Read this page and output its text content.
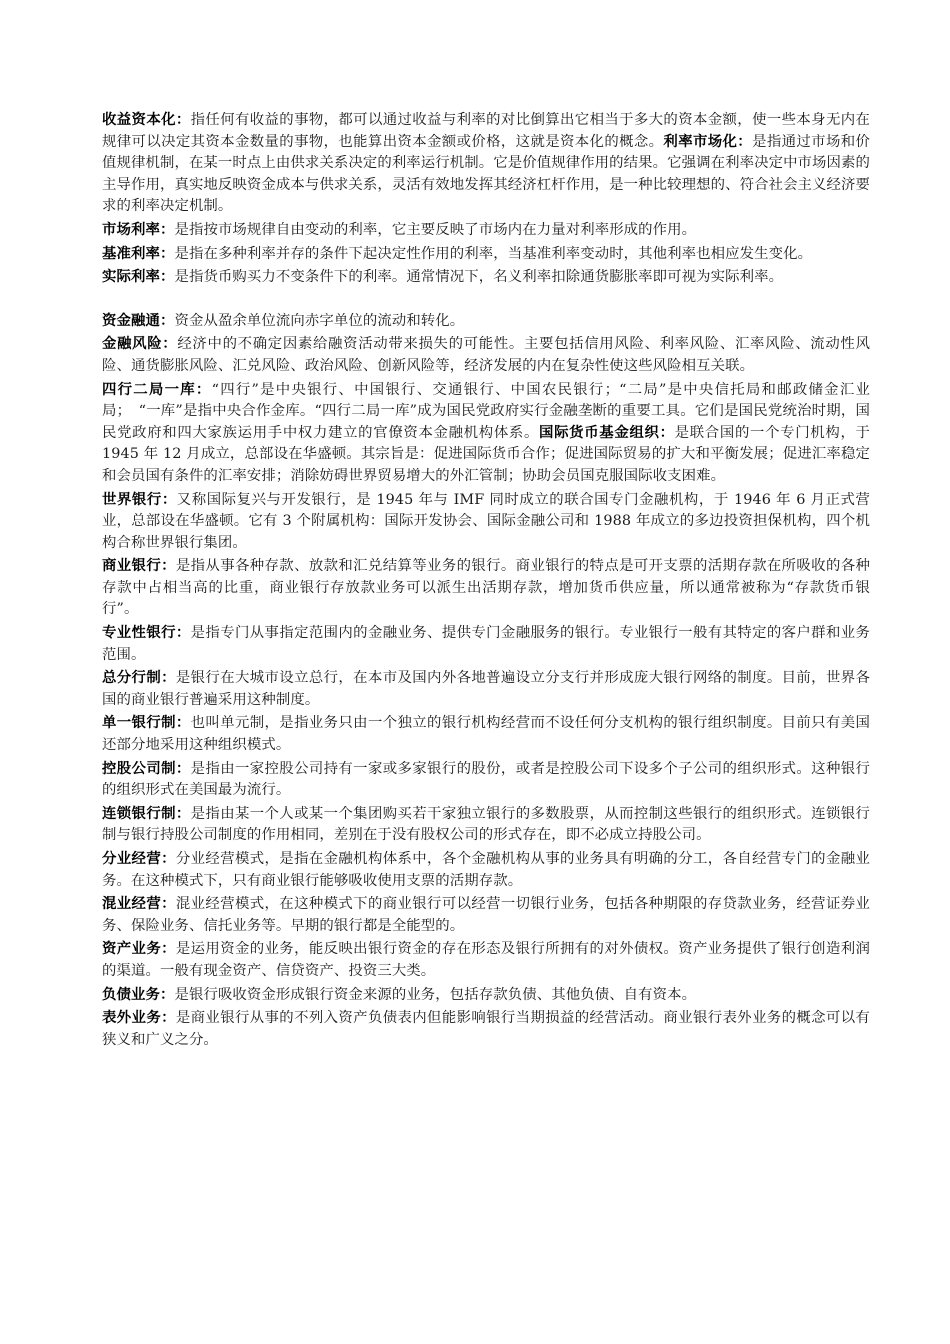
收益资本化：指任何有收益的事物，都可以通过收益与利率的对比倒算出它相当于多大的资本金额，使一些本身无内在规律可以决定其资本金数量的事物，也能算出资本金额或价格，这就是资本化的概念。利率市场化：是指通过市场和价值规律机制，在某一时点上由供求关系决定的利率运行机制。它是价值规律作用的结果。它强调在利率决定中市场因素的主导作用，真实地反映资金成本与供求关系，灵活有效地发挥其经济杠杆作用，是一种比较理想的、符合社会主义经济要求的利率决定机制。

市场利率：是指按市场规律自由变动的利率，它主要反映了市场内在力量对利率形成的作用。

基准利率：是指在多种利率并存的条件下起决定性作用的利率，当基准利率变动时，其他利率也相应发生变化。

实际利率：是指货币购买力不变条件下的利率。通常情况下，名义利率扣除通货膨胀率即可视为实际利率。

资金融通：资金从盈余单位流向赤字单位的流动和转化。

金融风险：经济中的不确定因素给融资活动带来损失的可能性。主要包括信用风险、利率风险、汇率风险、流动性风险、通货膨胀风险、汇兑风险、政治风险、创新风险等，经济发展的内在复杂性使这些风险相互关联。

四行二局一库：“四行”是中央银行、中国银行、交通银行、中国农民银行；“二局”是中央信托局和邮政储金汇业局；　“一库”是指中央合作金库。“四行二局一库”成为国民党政府实行金融垄断的重要工具。它们是国民党统治时期，国民党政府和四大家族运用手中权力建立的官僚资本金融机构体系。国际货币基金组织：是联合国的一个专门机构，于 1945 年 12 月成立，总部设在华盛顿。其宗旨是：促进国际货币合作；促进国际贸易的扩大和平衡发展；促进汇率稳定和会员国有条件的汇率安排；消除妨碍世界贸易增大的外汇管制；协助会员国克服国际收支困难。

世界银行：又称国际复兴与开发银行，是 1945 年与 IMF 同时成立的联合国专门金融机构，于 1946 年 6 月正式营业，总部设在华盛顿。它有 3 个附属机构：国际开发协会、国际金融公司和 1988 年成立的多边投资担保机构，四个机构合称世界银行集团。

商业银行：是指从事各种存款、放款和汇兑结算等业务的银行。商业银行的特点是可开支票的活期存款在所吸收的各种存款中占相当高的比重，商业银行存放款业务可以派生出活期存款，增加货币供应量，所以通常被称为“存款货币银行”。

专业性银行：是指专门从事指定范围内的金融业务、提供专门金融服务的银行。专业银行一般有其特定的客户群和业务范围。

总分行制：是银行在大城市设立总行，在本市及国内外各地普遍设立分支行并形成庞大银行网络的制度。目前，世界各国的商业银行普遍采用这种制度。

单一银行制：也叫单元制，是指业务只由一个独立的银行机构经营而不设任何分支机构的银行组织制度。目前只有美国还部分地采用这种组织模式。

控股公司制：是指由一家控股公司持有一家或多家银行的股份，或者是控股公司下设多个子公司的组织形式。这种银行的组织形式在美国最为流行。

连锁银行制：是指由某一个人或某一个集团购买若干家独立银行的多数股票，从而控制这些银行的组织形式。连锁银行制与银行持股公司制度的作用相同，差别在于没有股权公司的形式存在，即不必成立持股公司。

分业经营：分业经营模式，是指在金融机构体系中，各个金融机构从事的业务具有明确的分工，各自经营专门的金融业务。在这种模式下，只有商业银行能够吸收使用支票的活期存款。

混业经营：混业经营模式，在这种模式下的商业银行可以经营一切银行业务，包括各种期限的存贷款业务，经营证券业务、保险业务、信托业务等。早期的银行都是全能型的。

资产业务：是运用资金的业务，能反映出银行资金的存在形态及银行所拥有的对外债权。资产业务提供了银行创造利润的渠道。一般有现金资产、信贷资产、投资三大类。

负债业务：是银行吸收资金形成银行资金来源的业务，包括存款负债、其他负债、自有资本。

表外业务：是商业银行从事的不列入资产负债表内但能影响银行当期损益的经营活动。商业银行表外业务的概念可以有狭义和广义之分。
